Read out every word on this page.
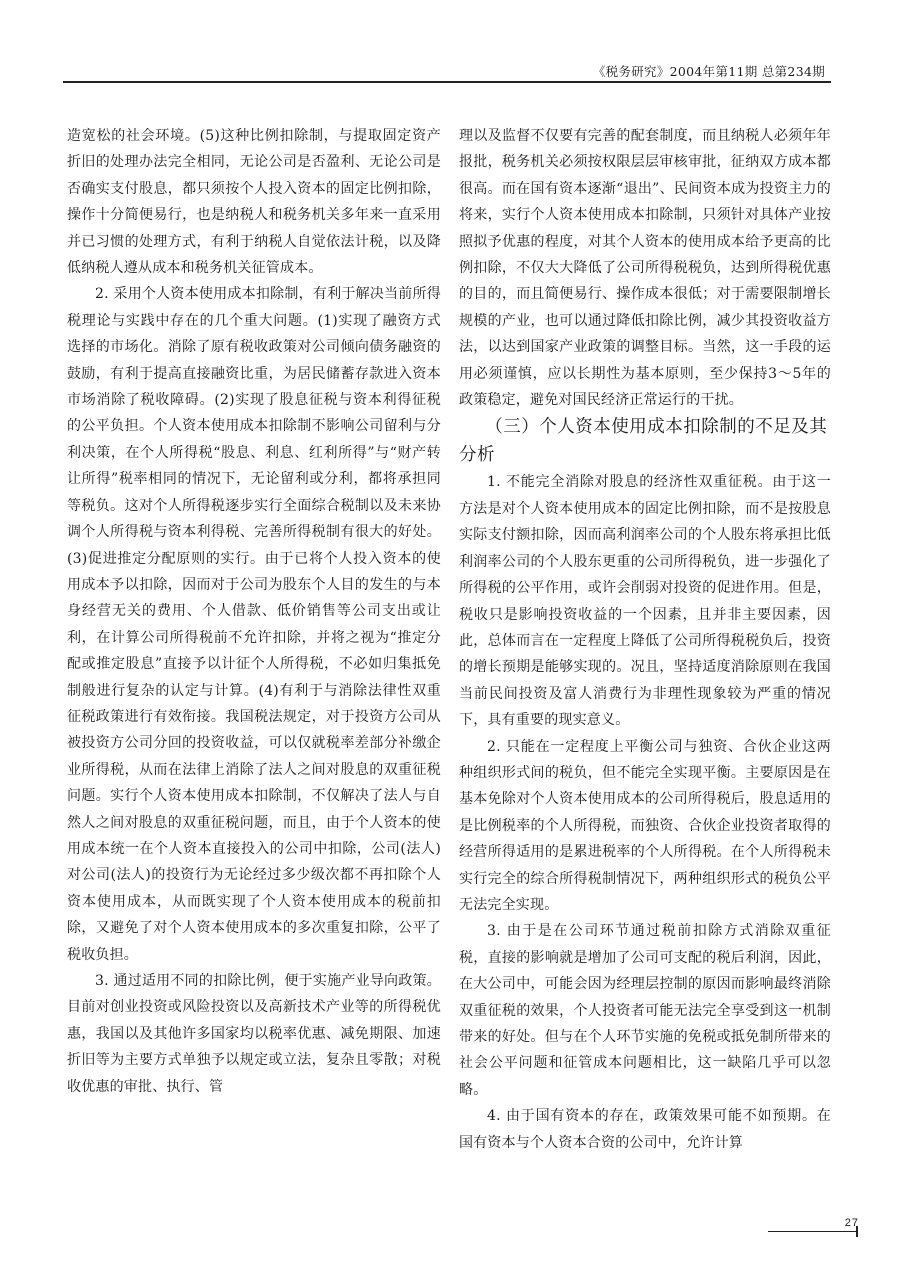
《税务研究》2004年第11期 总第234期

造宽松的社会环境。(5)这种比例扣除制，与提取固定资产折旧的处理办法完全相同，无论公司是否盈利、无论公司是否确实支付股息，都只须按个人投入资本的固定比例扣除，操作十分简便易行，也是纳税人和税务机关多年来一直采用并已习惯的处理方式，有利于纳税人自觉依法计税，以及降低纳税人遵从成本和税务机关征管成本。

2. 采用个人资本使用成本扣除制，有利于解决当前所得税理论与实践中存在的几个重大问题。(1)实现了融资方式选择的市场化。消除了原有税收政策对公司倾向债务融资的鼓励，有利于提高直接融资比重，为居民储蓄存款进入资本市场消除了税收障碍。(2)实现了股息征税与资本利得征税的公平负担。个人资本使用成本扣除制不影响公司留利与分利决策，在个人所得税“股息、利息、红利所得”与“财产转让所得”税率相同的情况下，无论留利或分利，都将承担同等税负。这对个人所得税逐步实行全面综合税制以及未来协调个人所得税与资本利得税、完善所得税制有很大的好处。(3)促进推定分配原则的实行。由于已将个人投入资本的使用成本予以扣除，因而对于公司为股东个人目的发生的与本身经营无关的费用、个人借款、低价销售等公司支出或让利，在计算公司所得税前不允许扣除，并将之视为“推定分配或推定股息”直接予以计征个人所得税，不必如归集抵免制般进行复杂的认定与计算。(4)有利于与消除法律性双重征税政策进行有效衔接。我国税法规定，对于投资方公司从被投资方公司分回的投资收益，可以仅就税率差部分补缴企业所得税，从而在法律上消除了法人之间对股息的双重征税问题。实行个人资本使用成本扣除制，不仅解决了法人与自然人之间对股息的双重征税问题，而且，由于个人资本的使用成本统一在个人资本直接投入的公司中扣除，公司(法人)对公司(法人)的投资行为无论经过多少级次都不再扣除个人资本使用成本，从而既实现了个人资本使用成本的税前扣除，又避免了对个人资本使用成本的多次重复扣除，公平了税收负担。

3. 通过适用不同的扣除比例，便于实施产业导向政策。目前对创业投资或风险投资以及高新技术产业等的所得税优惠，我国以及其他许多国家均以税率优惠、减免期限、加速折旧等为主要方式单独予以规定或立法，复杂且零散；对税收优惠的审批、执行、管

理以及监督不仅要有完善的配套制度，而且纳税人必须年年报批，税务机关必须按权限层层审核审批，征纳双方成本都很高。而在国有资本逐渐“退出”、民间资本成为投资主力的将来，实行个人资本使用成本扣除制，只须针对具体产业按照拟予优惠的程度，对其个人资本的使用成本给予更高的比例扣除，不仅大大降低了公司所得税税负，达到所得税优惠的目的，而且简便易行、操作成本很低；对于需要限制增长规模的产业，也可以通过降低扣除比例，减少其投资收益方法，以达到国家产业政策的调整目标。当然，这一手段的运用必须谨慎，应以长期性为基本原则，至少保持3～5年的政策稳定，避免对国民经济正常运行的干扰。

（三）个人资本使用成本扣除制的不足及其分析

1. 不能完全消除对股息的经济性双重征税。由于这一方法是对个人资本使用成本的固定比例扣除，而不是按股息实际支付额扣除，因而高利润率公司的个人股东将承担比低利润率公司的个人股东更重的公司所得税负，进一步强化了所得税的公平作用，或许会削弱对投资的促进作用。但是，税收只是影响投资收益的一个因素，且并非主要因素，因此，总体而言在一定程度上降低了公司所得税税负后，投资的增长预期是能够实现的。况且，坚持适度消除原则在我国当前民间投资及富人消费行为非理性现象较为严重的情况下，具有重要的现实意义。

2. 只能在一定程度上平衡公司与独资、合伙企业这两种组织形式间的税负，但不能完全实现平衡。主要原因是在基本免除对个人资本使用成本的公司所得税后，股息适用的是比例税率的个人所得税，而独资、合伙企业投资者取得的经营所得适用的是累进税率的个人所得税。在个人所得税未实行完全的综合所得税制情况下，两种组织形式的税负公平无法完全实现。

3. 由于是在公司环节通过税前扣除方式消除双重征税，直接的影响就是增加了公司可支配的税后利润，因此，在大公司中，可能会因为经理层控制的原因而影响最终消除双重征税的效果，个人投资者可能无法完全享受到这一机制带来的好处。但与在个人环节实施的免税或抵免制所带来的社会公平问题和征管成本问题相比，这一缺陷几乎可以忽略。

4. 由于国有资本的存在，政策效果可能不如预期。在国有资本与个人资本合资的公司中，允许计算

27
